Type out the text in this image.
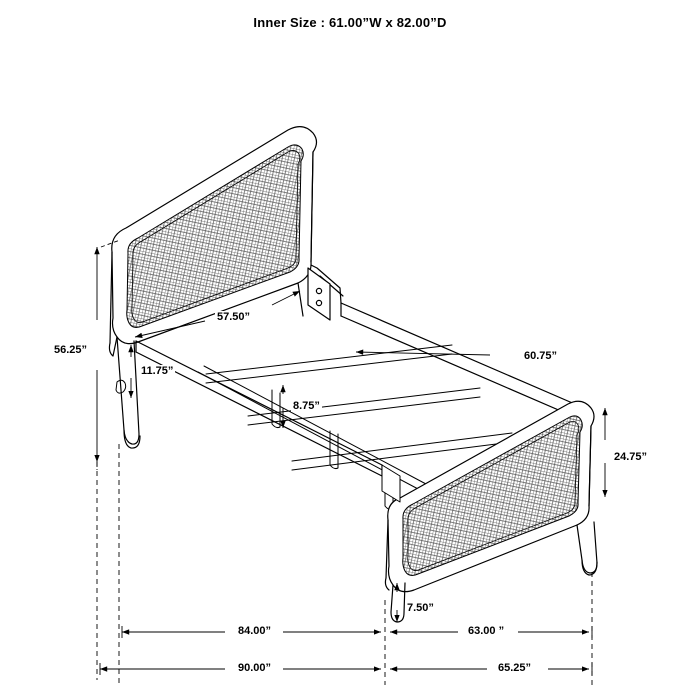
Inner Size : 61.00”W x 82.00”D
56.25”
57.50”
11.75”
8.75”
60.75”
24.75”
7.50”
84.00”	63.00 ”
90.00”	65.25”
